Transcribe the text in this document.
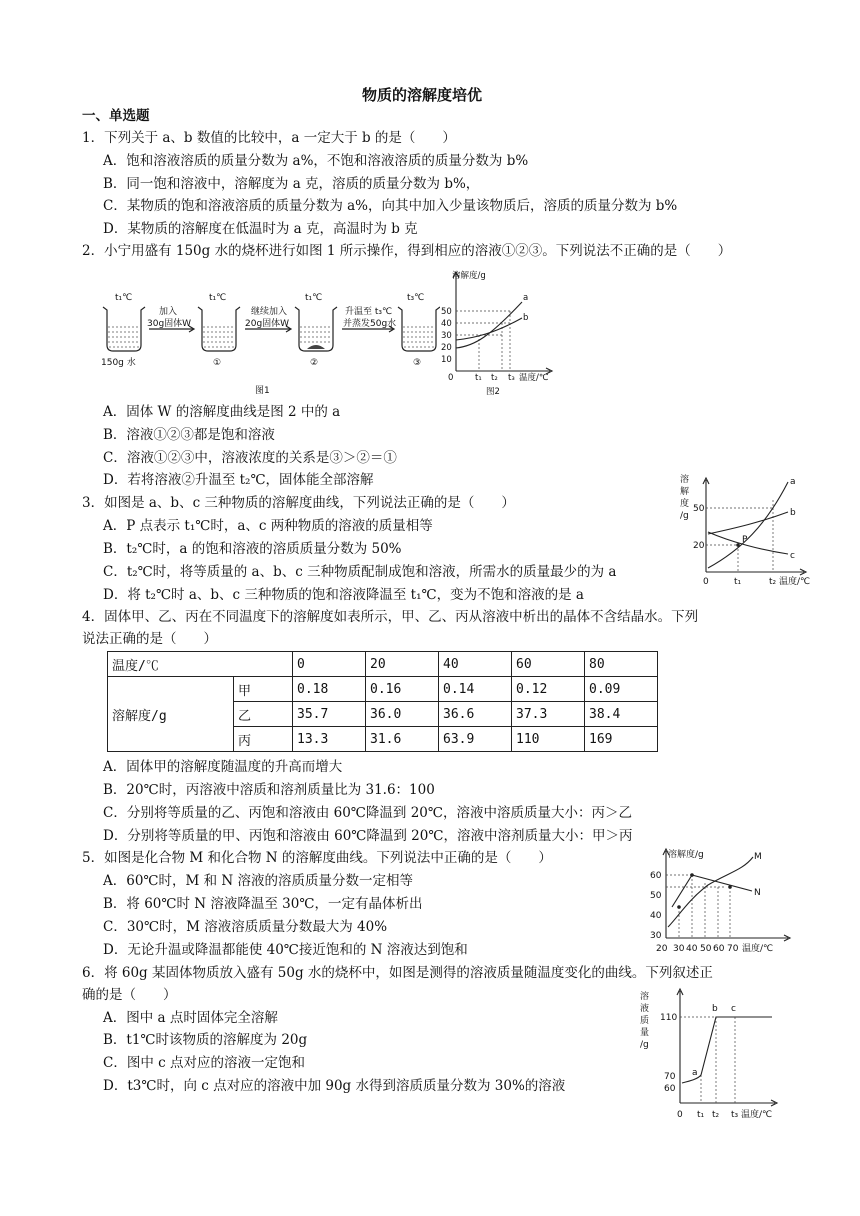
物质的溶解度培优
一、单选题
1．下列关于 a、b 数值的比较中，a 一定大于 b 的是（　　）
A．饱和溶液溶质的质量分数为 a%，不饱和溶液溶质的质量分数为 b%
B．同一饱和溶液中，溶解度为 a 克，溶质的质量分数为 b%，
C．某物质的饱和溶液溶质的质量分数为 a%，向其中加入少量该物质后，溶质的质量分数为 b%
D．某物质的溶解度在低温时为 a 克，高温时为 b 克
2．小宁用盛有 150g 水的烧杯进行如图 1 所示操作，得到相应的溶液①②③。下列说法不正确的是（　　）
t₁℃	t₁℃	t₁℃	t₃℃
加入
30g固体W
继续加入
20g固体W
升温至 t₃℃
并蒸发50g水
150g 水	①	②	③
图1
溶解度/g
50
40
30
20
10
0	t₁ t₂ t₃ 温度/℃
a
b
图2
A．固体 W 的溶解度曲线是图 2 中的 a
B．溶液①②③都是饱和溶液
C．溶液①②③中，溶液浓度的关系是③＞②＝①
D．若将溶液②升温至 t₂℃，固体能全部溶解
3．如图是 a、b、c 三种物质的溶解度曲线，下列说法正确的是（　　）
A．P 点表示 t₁℃时，a、c 两种物质的溶液的质量相等
B．t₂℃时，a 的饱和溶液的溶质质量分数为 50%
C．t₂℃时，将等质量的 a、b、c 三种物质配制成饱和溶液，所需水的质量最少的为 a
D．将 t₂℃时 a、b、c 三种物质的饱和溶液降温至 t₁℃，变为不饱和溶液的是 a
溶
解
度
/g
50
20
0	t₁	t₂ 温度/℃
a
b
c
P
4．固体甲、乙、丙在不同温度下的溶解度如表所示，甲、乙、丙从溶液中析出的晶体不含结晶水。下列
说法正确的是（　　）
温度/℃		0	20	40	60	80
溶解度/g	甲	0.18	0.16	0.14	0.12	0.09
	乙	35.7	36.0	36.6	37.3	38.4
	丙	13.3	31.6	63.9	110	169
A．固体甲的溶解度随温度的升高而增大
B．20℃时，丙溶液中溶质和溶剂质量比为 31.6：100
C．分别将等质量的乙、丙饱和溶液由 60℃降温到 20℃，溶液中溶质质量大小：丙＞乙
D．分别将等质量的甲、丙饱和溶液由 60℃降温到 20℃，溶液中溶剂质量大小：甲＞丙
5．如图是化合物 M 和化合物 N 的溶解度曲线。下列说法中正确的是（　　）
A．60℃时，M 和 N 溶液的溶质质量分数一定相等
B．将 60℃时 N 溶液降温至 30℃，一定有晶体析出
C．30℃时，M 溶液溶质质量分数最大为 40%
D．无论升温或降温都能使 40℃接近饱和的 N 溶液达到饱和
溶解度/g
60
50
40
30
20 30 40 50 60 70 温度/℃
M
N
6．将 60g 某固体物质放入盛有 50g 水的烧杯中，如图是测得的溶液质量随温度变化的曲线。下列叙述正
确的是（　　）
A．图中 a 点时固体完全溶解
B．t1℃时该物质的溶解度为 20g
C．图中 c 点对应的溶液一定饱和
D．t3℃时，向 c 点对应的溶液中加 90g 水得到溶质质量分数为 30%的溶液
溶
液
质
量
/g
110
70
60
0 t₁ t₂ t₃ 温度/℃
a
b c
